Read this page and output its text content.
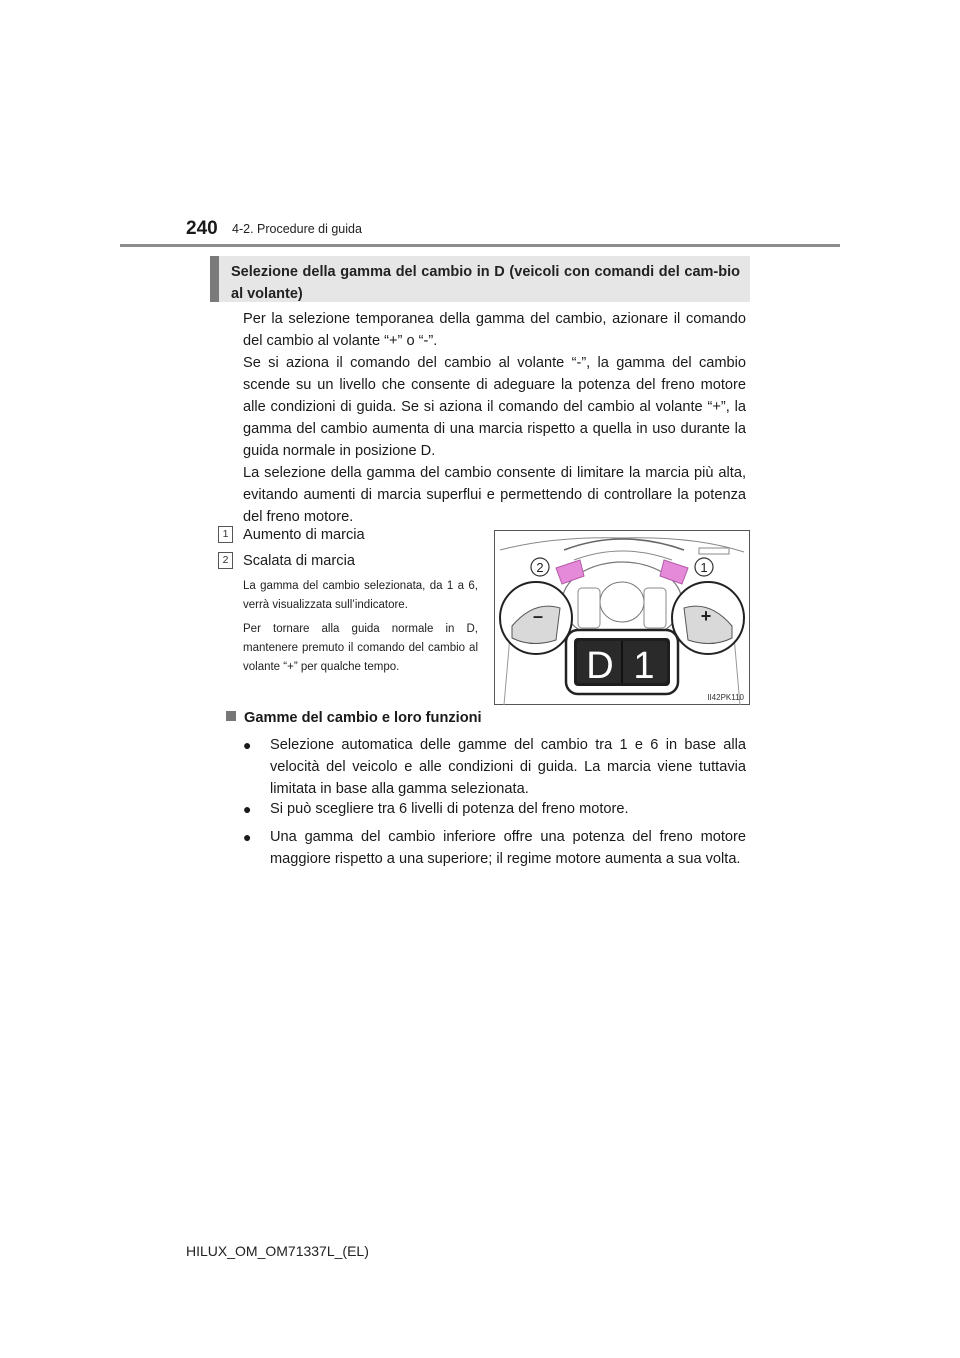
240 4-2. Procedure di guida
Selezione della gamma del cambio in D (veicoli con comandi del cam-bio al volante)

Per la selezione temporanea della gamma del cambio, azionare il comando del cambio al volante “+” o “-”.

Se si aziona il comando del cambio al volante “-”, la gamma del cambio scende su un livello che consente di adeguare la potenza del freno motore alle condizioni di guida. Se si aziona il comando del cambio al volante “+”, la gamma del cambio aumenta di una marcia rispetto a quella in uso durante la guida normale in posizione D.

La selezione della gamma del cambio consente di limitare la marcia più alta, evitando aumenti di marcia superflui e permettendo di controllare la potenza del freno motore.

1 Aumento di marcia
2 Scalata di marcia

La gamma del cambio selezionata, da 1 a 6, verrà visualizzata sull’indicatore.

Per tornare alla guida normale in D, mantenere premuto il comando del cambio al volante “+” per qualche tempo.

2	1
–	+
D 1
II42PK110
Gamme del cambio e loro funzioni
● Selezione automatica delle gamme del cambio tra 1 e 6 in base alla velocità del veicolo e alle condizioni di guida. La marcia viene tuttavia limitata in base alla gamma selezionata.
● Si può scegliere tra 6 livelli di potenza del freno motore.
● Una gamma del cambio inferiore offre una potenza del freno motore maggiore rispetto a una superiore; il regime motore aumenta a sua volta.
HILUX_OM_OM71337L_(EL)
